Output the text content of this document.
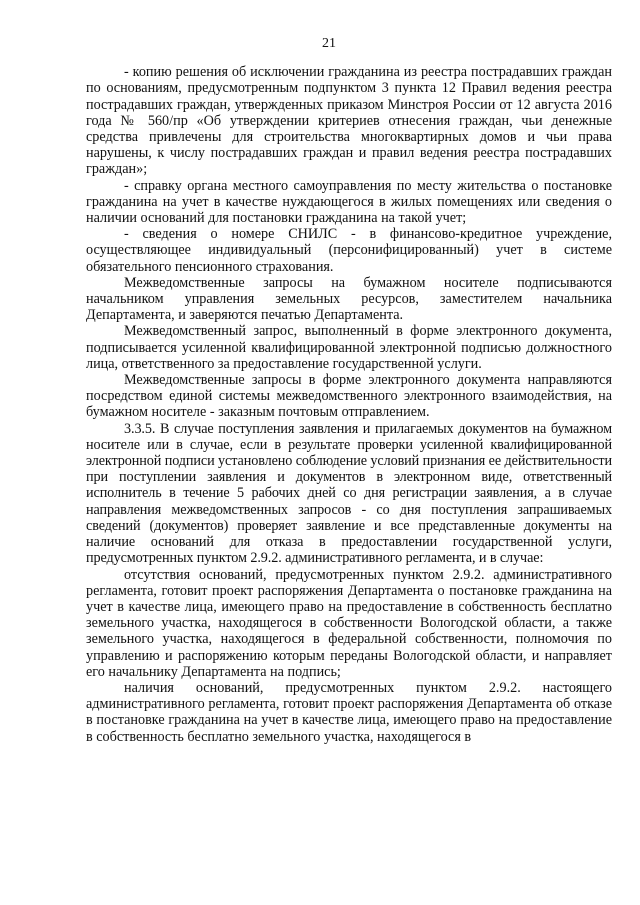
21

- копию решения об исключении гражданина из реестра пострадавших граждан по основаниям, предусмотренным подпунктом 3 пункта 12 Правил ведения реестра пострадавших граждан, утвержденных приказом Минстроя России от 12 августа 2016 года № 560/пр «Об утверждении критериев отнесения граждан, чьи денежные средства привлечены для строительства многоквартирных домов и чьи права нарушены, к числу пострадавших граждан и правил ведения реестра пострадавших граждан»;

- справку органа местного самоуправления по месту жительства о постановке гражданина на учет в качестве нуждающегося в жилых помещениях или сведения о наличии оснований для постановки гражданина на такой учет;

- сведения о номере СНИЛС - в финансово-кредитное учреждение, осуществляющее индивидуальный (персонифицированный) учет в системе обязательного пенсионного страхования.

Межведомственные запросы на бумажном носителе подписываются начальником управления земельных ресурсов, заместителем начальника Департамента, и заверяются печатью Департамента.

Межведомственный запрос, выполненный в форме электронного документа, подписывается усиленной квалифицированной электронной подписью должностного лица, ответственного за предоставление государственной услуги.

Межведомственные запросы в форме электронного документа направляются посредством единой системы межведомственного электронного взаимодействия, на бумажном носителе - заказным почтовым отправлением.

3.3.5. В случае поступления заявления и прилагаемых документов на бумажном носителе или в случае, если в результате проверки усиленной квалифицированной электронной подписи установлено соблюдение условий признания ее действительности при поступлении заявления и документов в электронном виде, ответственный исполнитель в течение 5 рабочих дней со дня регистрации заявления, а в случае направления межведомственных запросов - со дня поступления запрашиваемых сведений (документов) проверяет заявление и все представленные документы на наличие оснований для отказа в предоставлении государственной услуги, предусмотренных пунктом 2.9.2. административного регламента, и в случае:

отсутствия оснований, предусмотренных пунктом 2.9.2. административного регламента, готовит проект распоряжения Департамента о постановке гражданина на учет в качестве лица, имеющего право на предоставление в собственность бесплатно земельного участка, находящегося в собственности Вологодской области, а также земельного участка, находящегося в федеральной собственности, полномочия по управлению и распоряжению которым переданы Вологодской области, и направляет его начальнику Департамента на подпись;

наличия оснований, предусмотренных пунктом 2.9.2. настоящего административного регламента, готовит проект распоряжения Департамента об отказе в постановке гражданина на учет в качестве лица, имеющего право на предоставление в собственность бесплатно земельного участка, находящегося в
